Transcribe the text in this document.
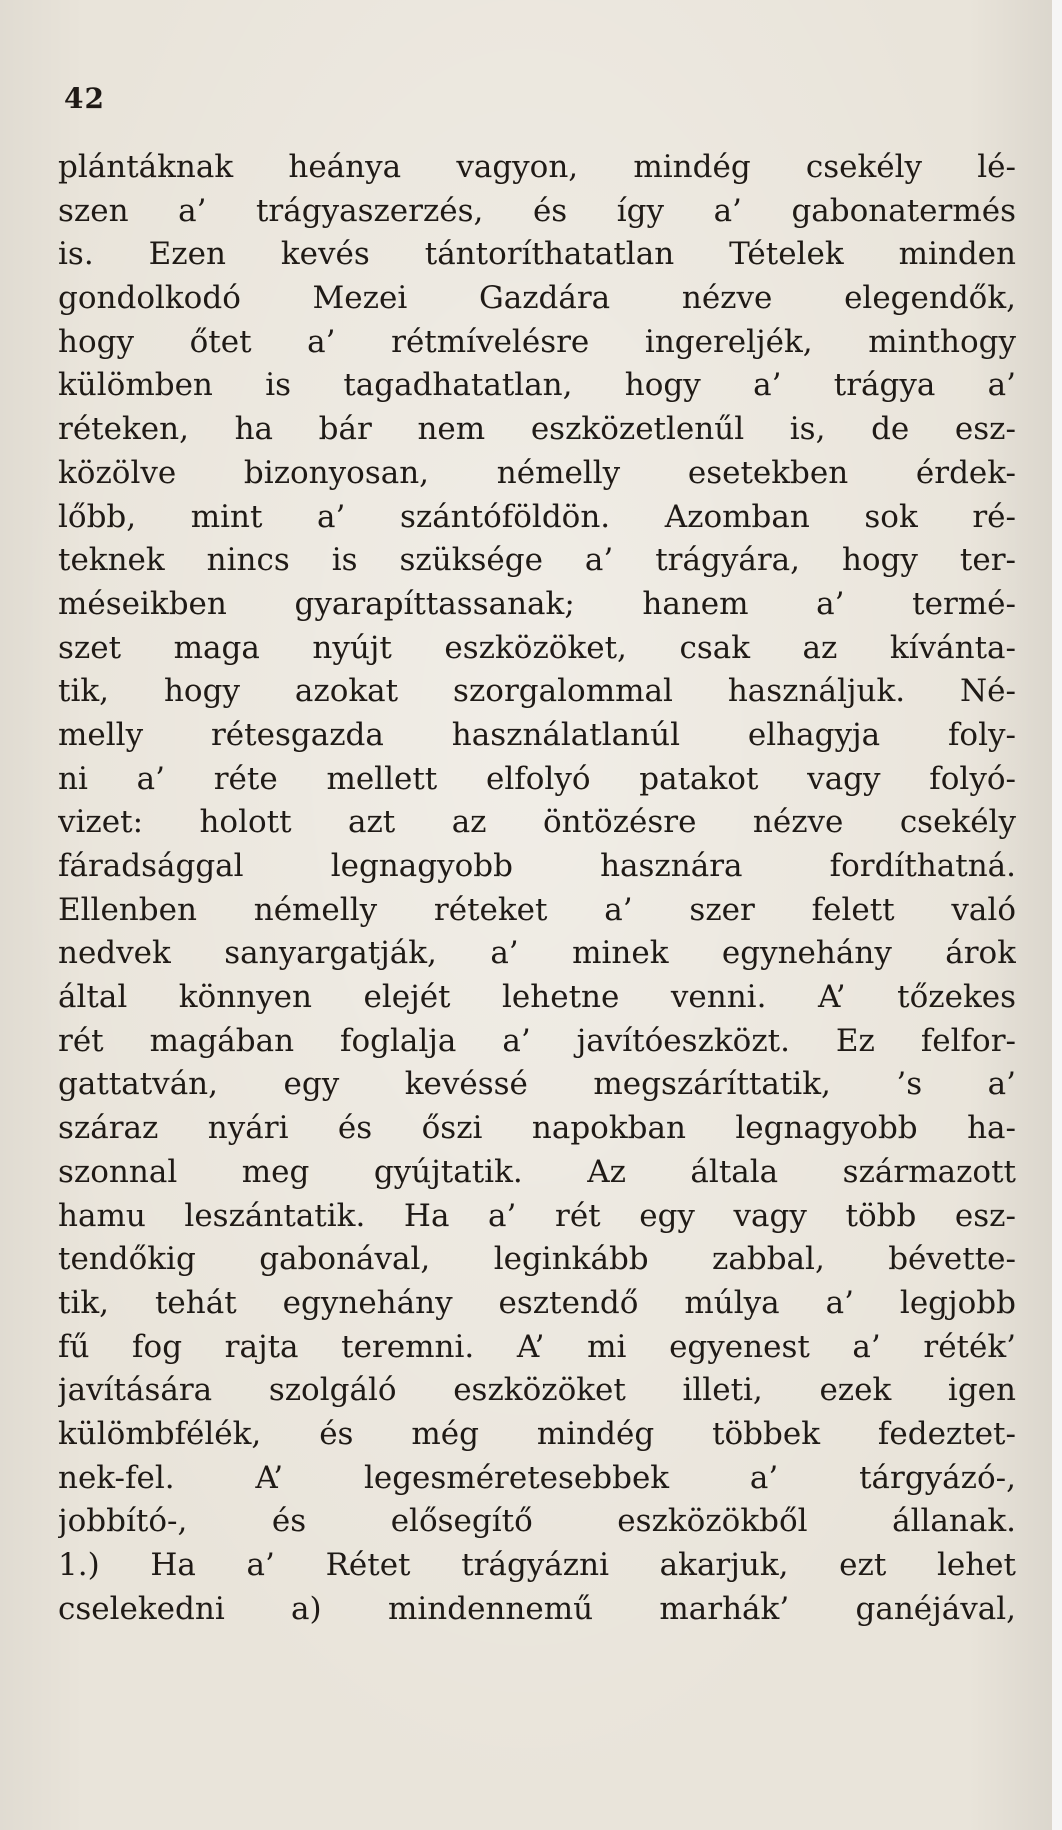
42
plántáknak heánya vagyon, mindég csekély lé-
szen a’ trágyaszerzés, és így a’ gabonatermés
is. Ezen kevés tántoríthatatlan Tételek minden
gondolkodó Mezei Gazdára nézve elegendők,
hogy őtet a’ rétmívelésre ingereljék, minthogy
külömben is tagadhatatlan, hogy a’ trágya a’
réteken, ha bár nem eszközetlenűl is, de esz-
közölve bizonyosan, némelly esetekben érdek-
lőbb, mint a’ szántóföldön. Azomban sok ré-
teknek nincs is szüksége a’ trágyára, hogy ter-
méseikben gyarapíttassanak; hanem a’ termé-
szet maga nyújt eszközöket, csak az kívánta-
tik, hogy azokat szorgalommal használjuk. Né-
melly rétesgazda használatlanúl elhagyja foly-
ni a’ réte mellett elfolyó patakot vagy folyó-
vizet: holott azt az öntözésre nézve csekély
fáradsággal legnagyobb hasznára fordíthatná.
Ellenben némelly réteket a’ szer felett való
nedvek sanyargatják, a’ minek egynehány árok
által könnyen elejét lehetne venni. A’ tőzekes
rét magában foglalja a’ javítóeszközt. Ez felfor-
gattatván, egy kevéssé megszáríttatik, ’s a’
száraz nyári és őszi napokban legnagyobb ha-
szonnal meg gyújtatik. Az általa származott
hamu leszántatik. Ha a’ rét egy vagy több esz-
tendőkig gabonával, leginkább zabbal, bévette-
tik, tehát egynehány esztendő múlya a’ legjobb
fű fog rajta teremni. A’ mi egyenest a’ réték’
javítására szolgáló eszközöket illeti, ezek igen
külömbfélék, és még mindég többek fedeztet-
nek-fel. A’ legesméretesebbek a’ tárgyázó-,
jobbító-, és elősegítő eszközökből állanak.
1.) Ha a’ Rétet trágyázni akarjuk, ezt lehet
cselekedni a) mindennemű marhák’ ganéjával,
